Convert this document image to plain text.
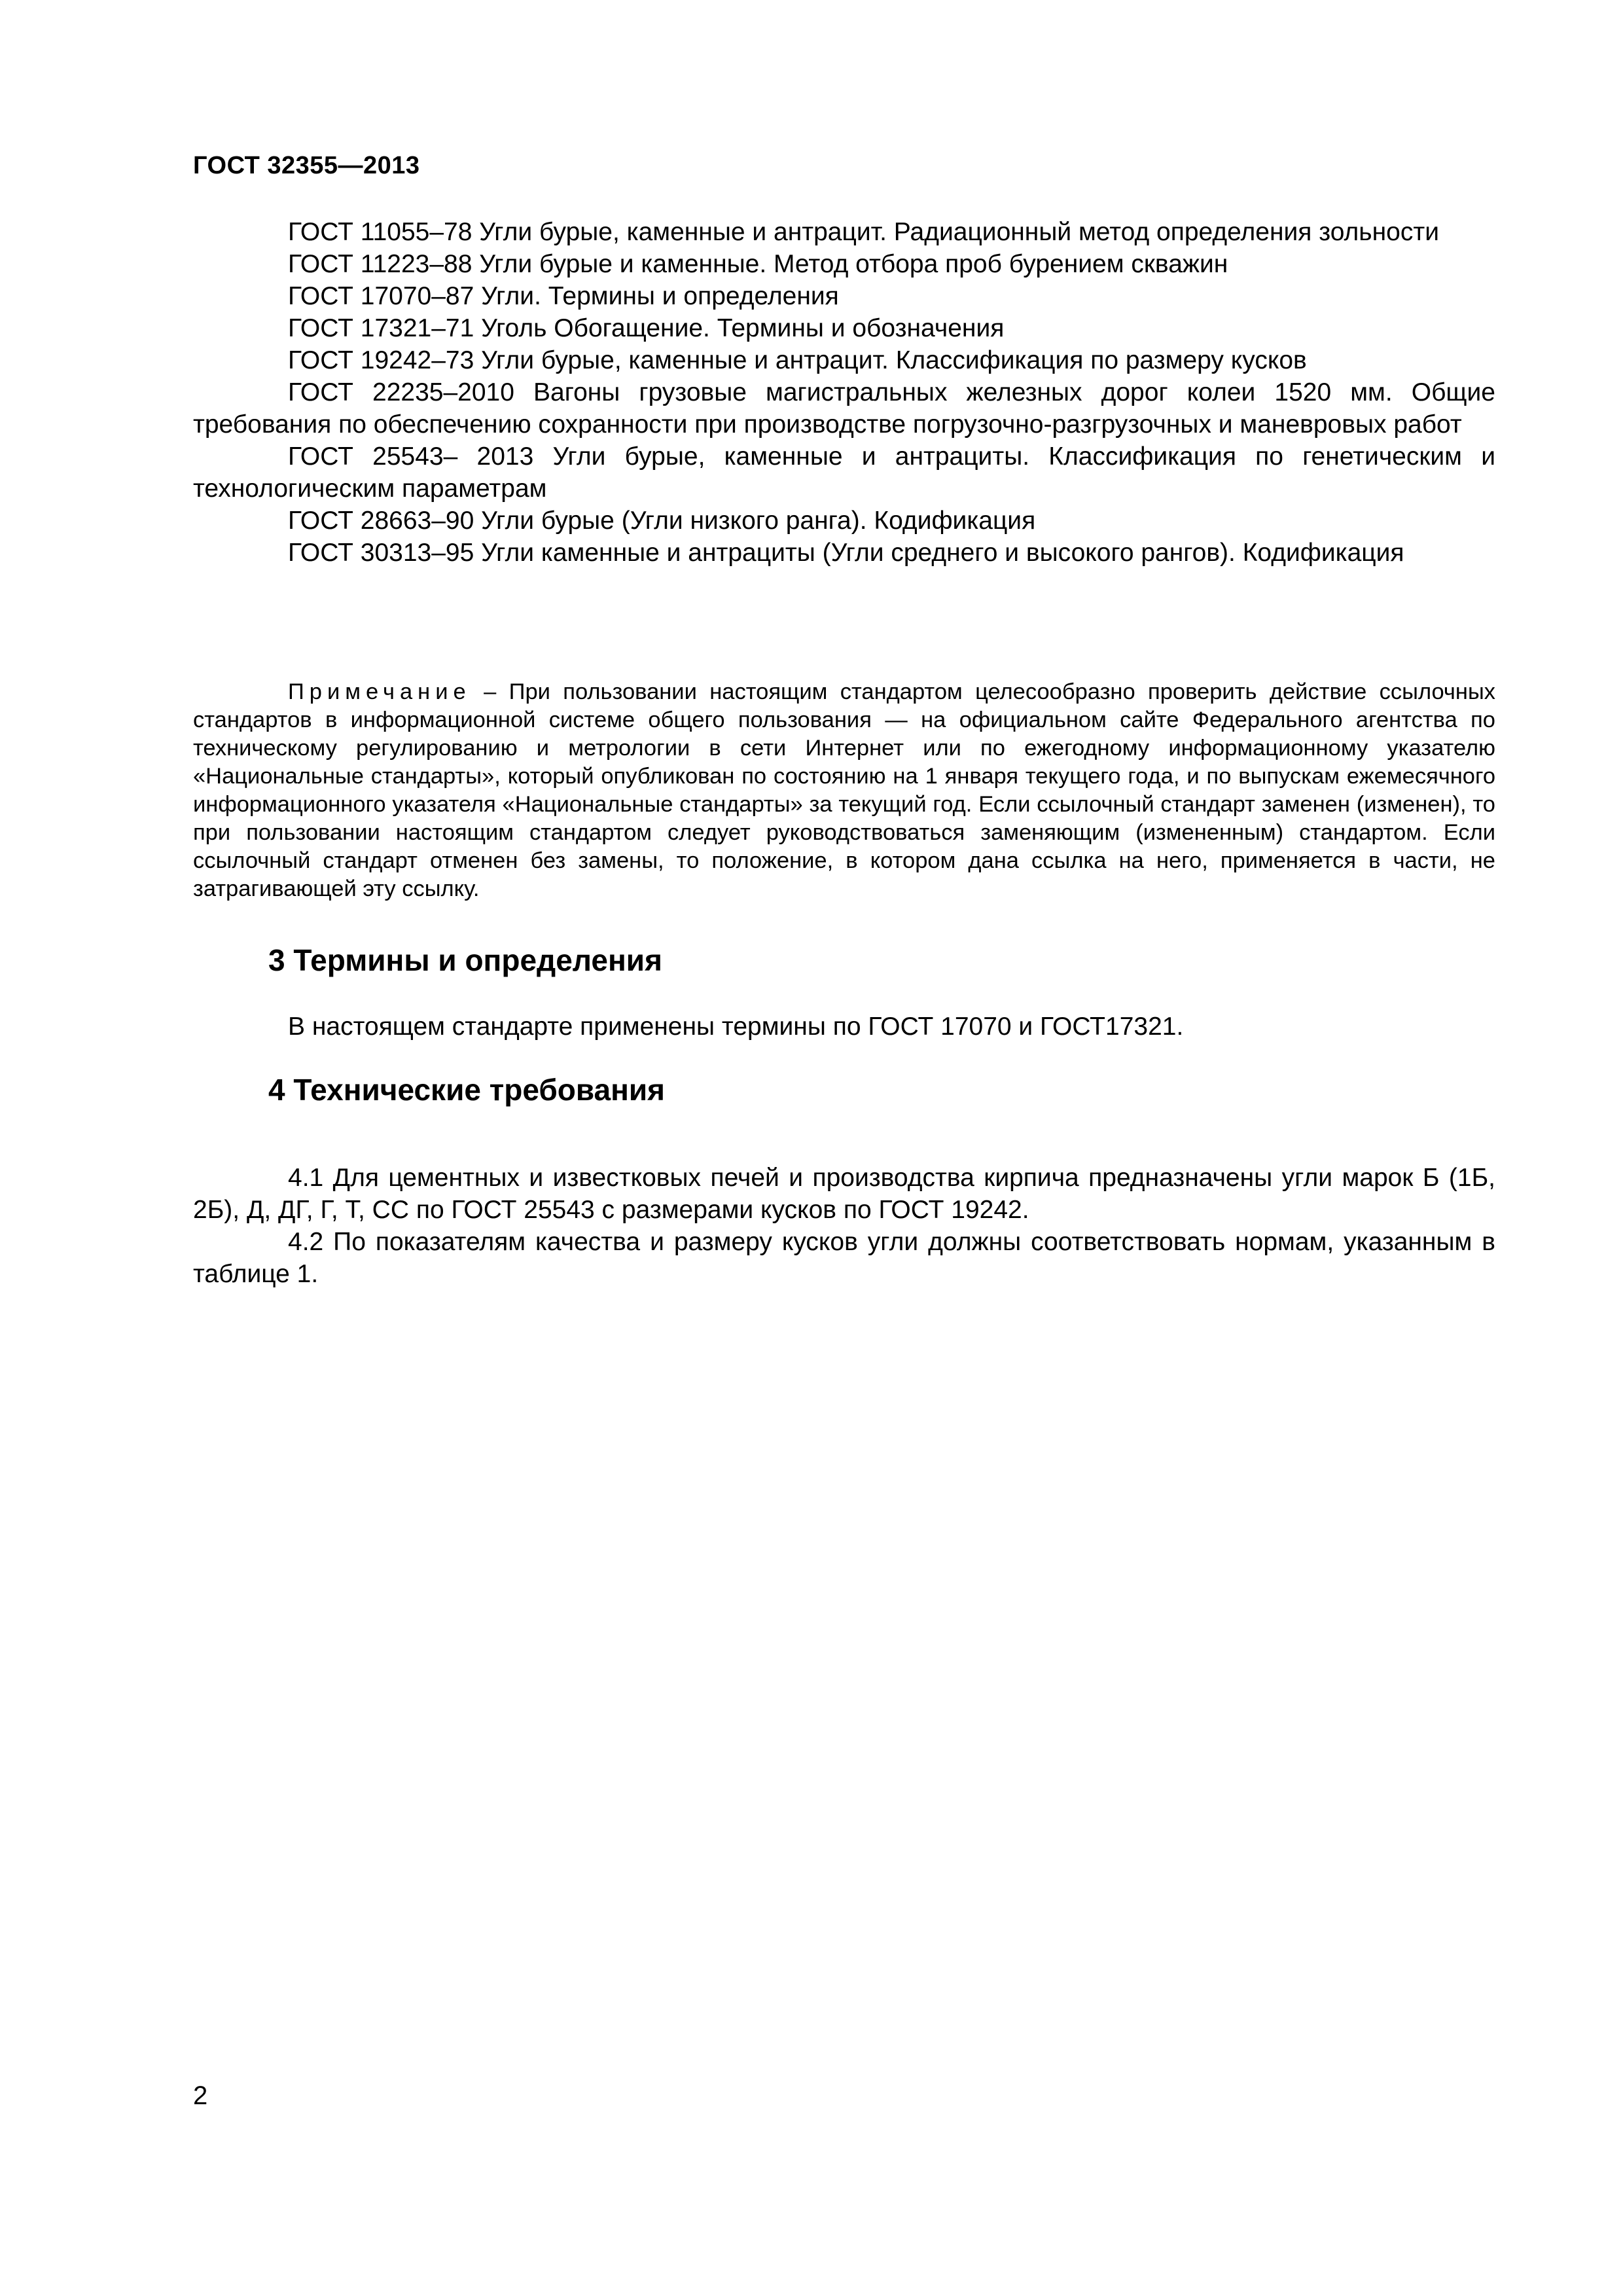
ГОСТ 32355—2013

ГОСТ 11055–78 Угли бурые, каменные и антрацит. Радиационный метод определения зольности

ГОСТ 11223–88 Угли бурые и каменные. Метод отбора проб бурением скважин

ГОСТ 17070–87 Угли. Термины и определения

ГОСТ 17321–71 Уголь Обогащение. Термины и обозначения

ГОСТ 19242–73 Угли бурые, каменные и антрацит. Классификация по размеру кусков

ГОСТ 22235–2010 Вагоны грузовые магистральных железных дорог колеи 1520 мм. Общие требования по обеспечению сохранности при производстве погрузочно-разгрузочных и маневровых работ

ГОСТ 25543– 2013 Угли бурые, каменные и антрациты. Классификация по генетическим и технологическим параметрам

ГОСТ 28663–90 Угли бурые (Угли низкого ранга). Кодификация

ГОСТ 30313–95 Угли каменные и антрациты (Угли среднего и высокого рангов). Кодификация

Примечание – При пользовании настоящим стандартом целесообразно проверить действие ссылочных стандартов в информационной системе общего пользования — на официальном сайте Федерального агентства по техническому регулированию и метрологии в сети Интернет или по ежегодному информационному указателю «Национальные стандарты», который опубликован по состоянию на 1 января текущего года, и по выпускам ежемесячного информационного указателя «Национальные стандарты» за текущий год. Если ссылочный стандарт заменен (изменен), то при пользовании настоящим стандартом следует руководствоваться заменяющим (измененным) стандартом. Если ссылочный стандарт отменен без замены, то положение, в котором дана ссылка на него, применяется в части, не затрагивающей эту ссылку.
3 Термины и определения

В настоящем стандарте применены термины по ГОСТ 17070 и ГОСТ17321.

4 Технические требования

4.1 Для цементных и известковых печей и производства кирпича предназначены угли марок Б (1Б, 2Б), Д, ДГ, Г, Т, СС по ГОСТ 25543 с размерами кусков по ГОСТ 19242.

4.2 По показателям качества и размеру кусков угли должны соответствовать нормам, указанным в таблице 1.

2
